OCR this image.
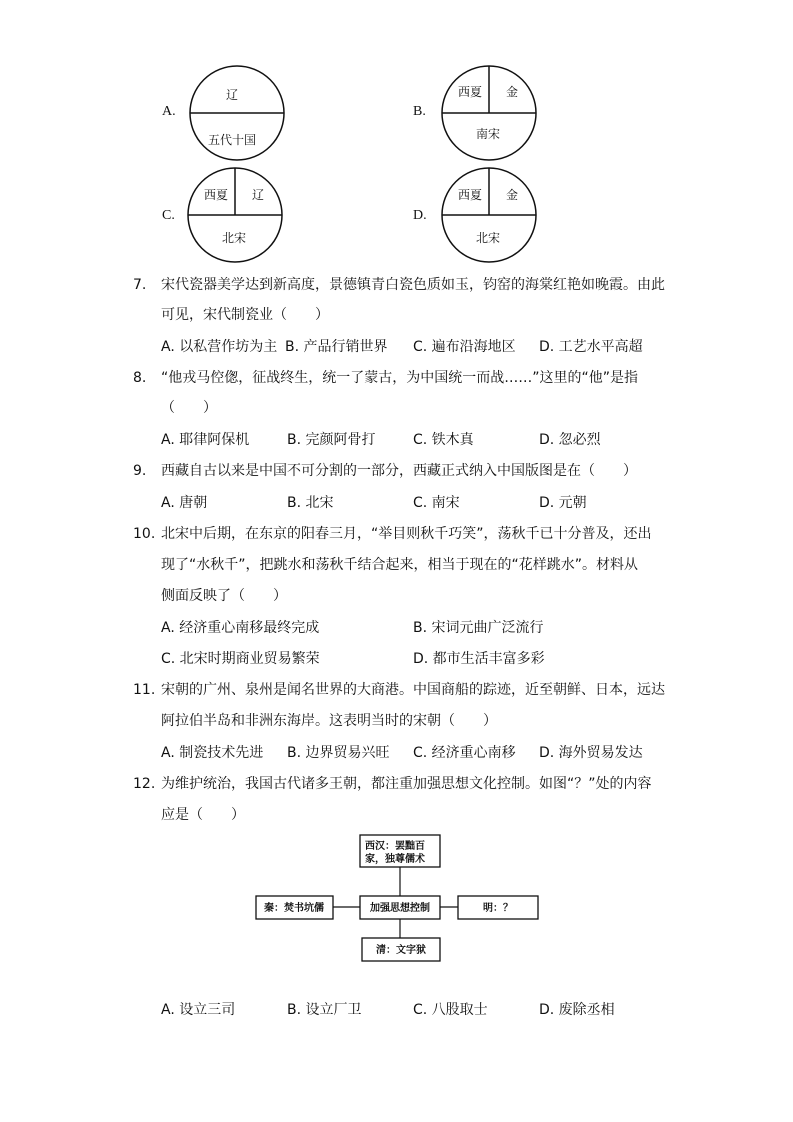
A.
辽
五代十国
B.
西夏 金
南宋
C.
西夏 辽
北宋
D.
西夏 金
北宋
7. 宋代瓷器美学达到新高度，景德镇青白瓷色质如玉，钧窑的海棠红艳如晚霞。由此
可见，宋代制瓷业（　　）
A. 以私营作坊为主 B. 产品行销世界 C. 遍布沿海地区 D. 工艺水平高超
8. “他戎马倥偬，征战终生，统一了蒙古，为中国统一而战……”这里的“他”是指
（　　）
A. 耶律阿保机	B. 完颜阿骨打	C. 铁木真	D. 忽必烈
9. 西藏自古以来是中国不可分割的一部分，西藏正式纳入中国版图是在（　　）
A. 唐朝	B. 北宋	C. 南宋	D. 元朝
10. 北宋中后期，在东京的阳春三月，“举目则秋千巧笑”，荡秋千已十分普及，还出
现了“水秋千”，把跳水和荡秋千结合起来，相当于现在的“花样跳水”。材料从
侧面反映了（　　）
A. 经济重心南移最终完成	B. 宋词元曲广泛流行
C. 北宋时期商业贸易繁荣	D. 都市生活丰富多彩
11. 宋朝的广州、泉州是闻名世界的大商港。中国商船的踪迹，近至朝鲜、日本，远达
阿拉伯半岛和非洲东海岸。这表明当时的宋朝（　　）
A. 制瓷技术先进 B. 边界贸易兴旺 C. 经济重心南移 D. 海外贸易发达
12. 为维护统治，我国古代诸多王朝，都注重加强思想文化控制。如图“？”处的内容
应是（　　）
西汉：罢黜百
家，独尊儒术
加强思想控制
秦：焚书坑儒	明：？
清：文字狱
A. 设立三司	B. 设立厂卫	C. 八股取士	D. 废除丞相
